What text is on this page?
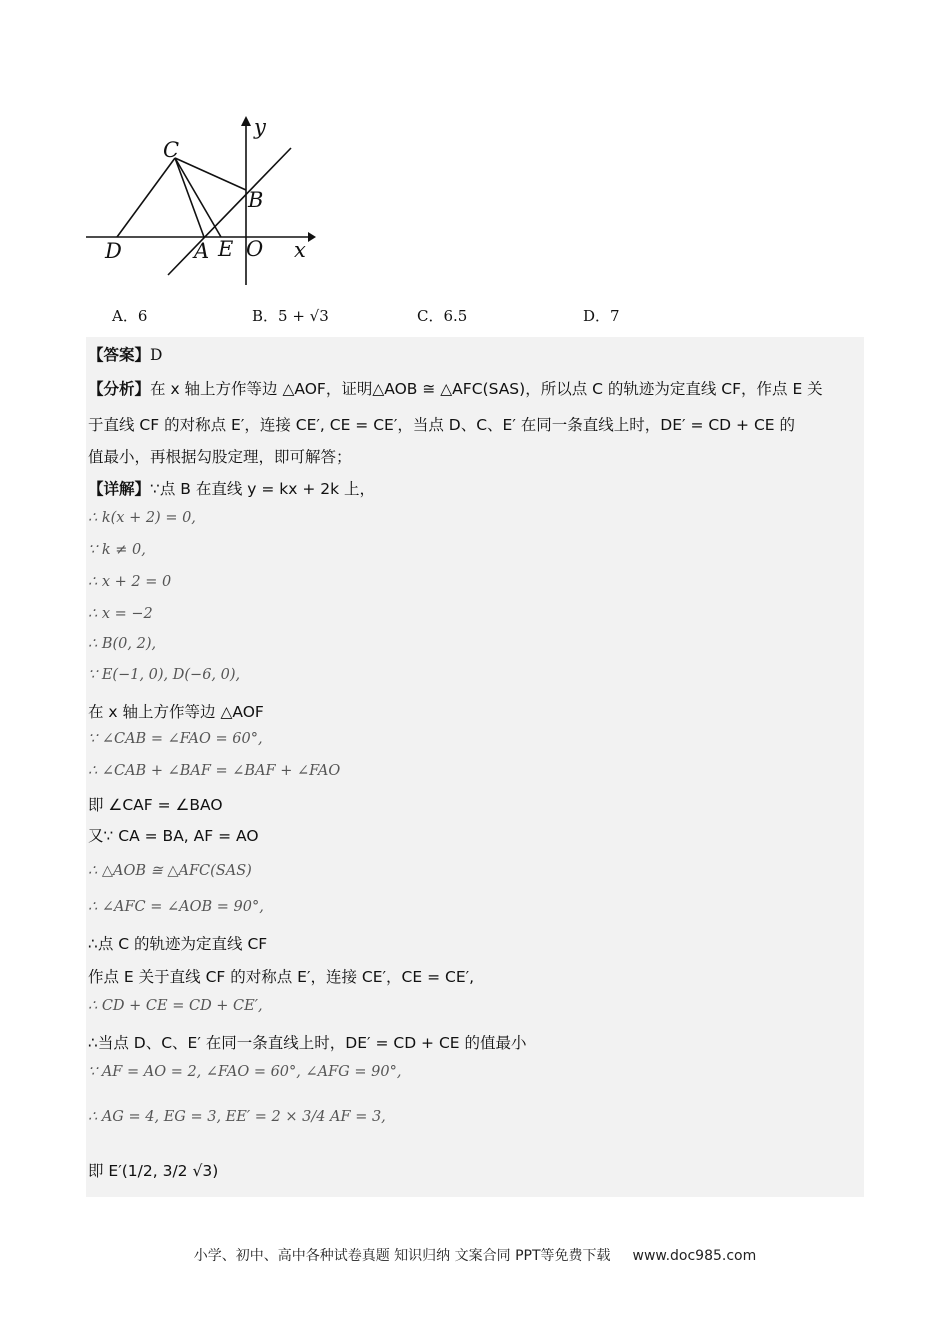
y
C
B
D	A E O x
A．6	B．5 + √3	C．6.5	D．7
【答案】D
【分析】在 x 轴上方作等边 △AOF，证明△AOB ≅ △AFC(SAS)，所以点 C 的轨迹为定直线 CF，作点 E 关
于直线 CF 的对称点 E′，连接 CE′, CE = CE′，当点 D、C、E′ 在同一条直线上时，DE′ = CD + CE 的
值最小，再根据勾股定理，即可解答；
【详解】∵点 B 在直线 y = kx + 2k 上，
∴ k(x + 2) = 0,
∵ k ≠ 0,
∴ x + 2 = 0
∴ x = −2
∴ B(0, 2),
∵ E(−1, 0), D(−6, 0),
在 x 轴上方作等边 △AOF
∵ ∠CAB = ∠FAO = 60°,
∴ ∠CAB + ∠BAF = ∠BAF + ∠FAO
即 ∠CAF = ∠BAO
又∵ CA = BA, AF = AO
∴ △AOB ≅ △AFC(SAS)
∴ ∠AFC = ∠AOB = 90°,
∴点 C 的轨迹为定直线 CF
作点 E 关于直线 CF 的对称点 E′，连接 CE′，CE = CE′,
∴ CD + CE = CD + CE′,
∴当点 D、C、E′ 在同一条直线上时，DE′ = CD + CE 的值最小
∵ AF = AO = 2, ∠FAO = 60°, ∠AFG = 90°,
∴ AG = 4, EG = 3, EE′ = 2 × 3/4 AF = 3,
即 E′(1/2, 3/2 √3)
小学、初中、高中各种试卷真题 知识归纳 文案合同 PPT等免费下载 www.doc985.com
